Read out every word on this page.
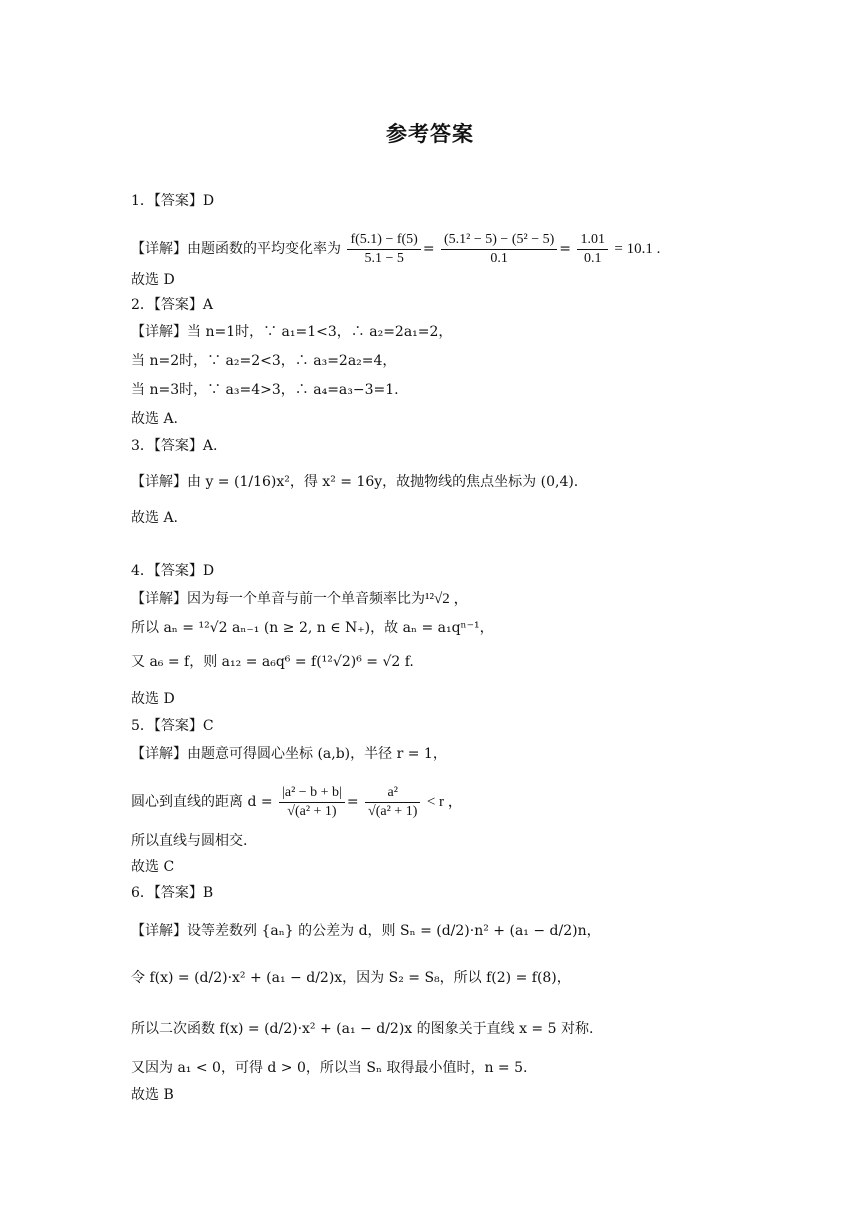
参考答案
1．【答案】D
【详解】由题函数的平均变化率为 $\frac{f(5.1) - f(5)}{5.1 - 5} = \frac{\text{(5.1² − 5) − (5² − 5)}}{0.1} = \frac{1.01}{0.1} = 10.1$ .
故选 D
2．【答案】A
【详解】当 n=1时，∵ a₁=1<3，∴ a₂=2a₁=2，
当 n=2时，∵ a₂=2<3，∴ a₃=2a₂=4，
当 n=3时，∵ a₃=4>3，∴ a₄=a₃−3=1.
故选 A.
3．【答案】A.
【详解】由 y = (1/16)x²，得 x² = 16y，故抛物线的焦点坐标为 (0,4).
故选 A.
4．【答案】D
【详解】因为每一个单音与前一个单音频率比为¹²√2 ，
所以 aₙ = ¹²√2 aₙ₋₁ (n ≥ 2, n ∈ N₊)，故 aₙ = a₁qⁿ⁻¹，
又 a₆ = f，则 a₁₂ = a₆q⁶ = f(¹²√2)⁶ = √2 f.
故选 D
5．【答案】C
【详解】由题意可得圆心坐标 (a,b)，半径 r = 1，
圆心到直线的距离 $d = \frac{\text{|a² − b + b|}}{\text{√(a² + 1)}} = \frac{\text{a²}}{\text{√(a² + 1)}} < r$ ，
所以直线与圆相交.
故选 C
6．【答案】B
【详解】设等差数列 {aₙ} 的公差为 d，则 Sₙ = (d/2)·n² + (a₁ − d/2)n，
令 f(x) = (d/2)·x² + (a₁ − d/2)x，因为 S₂ = S₈，所以 f(2) = f(8)，
所以二次函数 f(x) = (d/2)·x² + (a₁ − d/2)x 的图象关于直线 x = 5 对称.
又因为 a₁ < 0，可得 d > 0，所以当 Sₙ 取得最小值时，n = 5.
故选 B
